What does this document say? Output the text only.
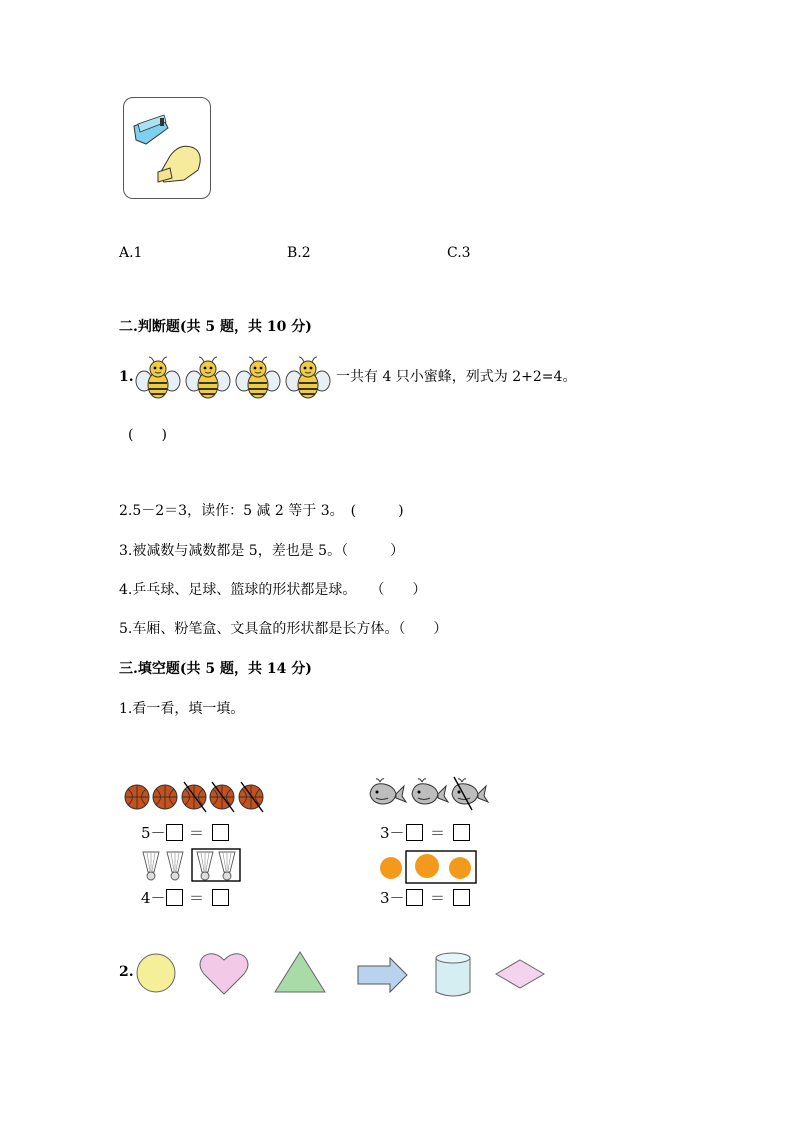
A.1	B.2	C.3
二.判断题(共 5 题，共 10 分)
1.	一共有 4 只小蜜蜂，列式为 2+2=4。
(　　)
2.5－2＝3，读作：5 减 2 等于 3。　(　　　)
3.被减数与减数都是 5，差也是 5。（　　　）
4.乒乓球、足球、篮球的形状都是球。　　（　　）
5.车厢、粉笔盒、文具盒的形状都是长方体。（　　）
三.填空题(共 5 题，共 14 分)
1.看一看，填一填。
5－ ＝
4－ ＝
3－ ＝
3－ ＝
2.
